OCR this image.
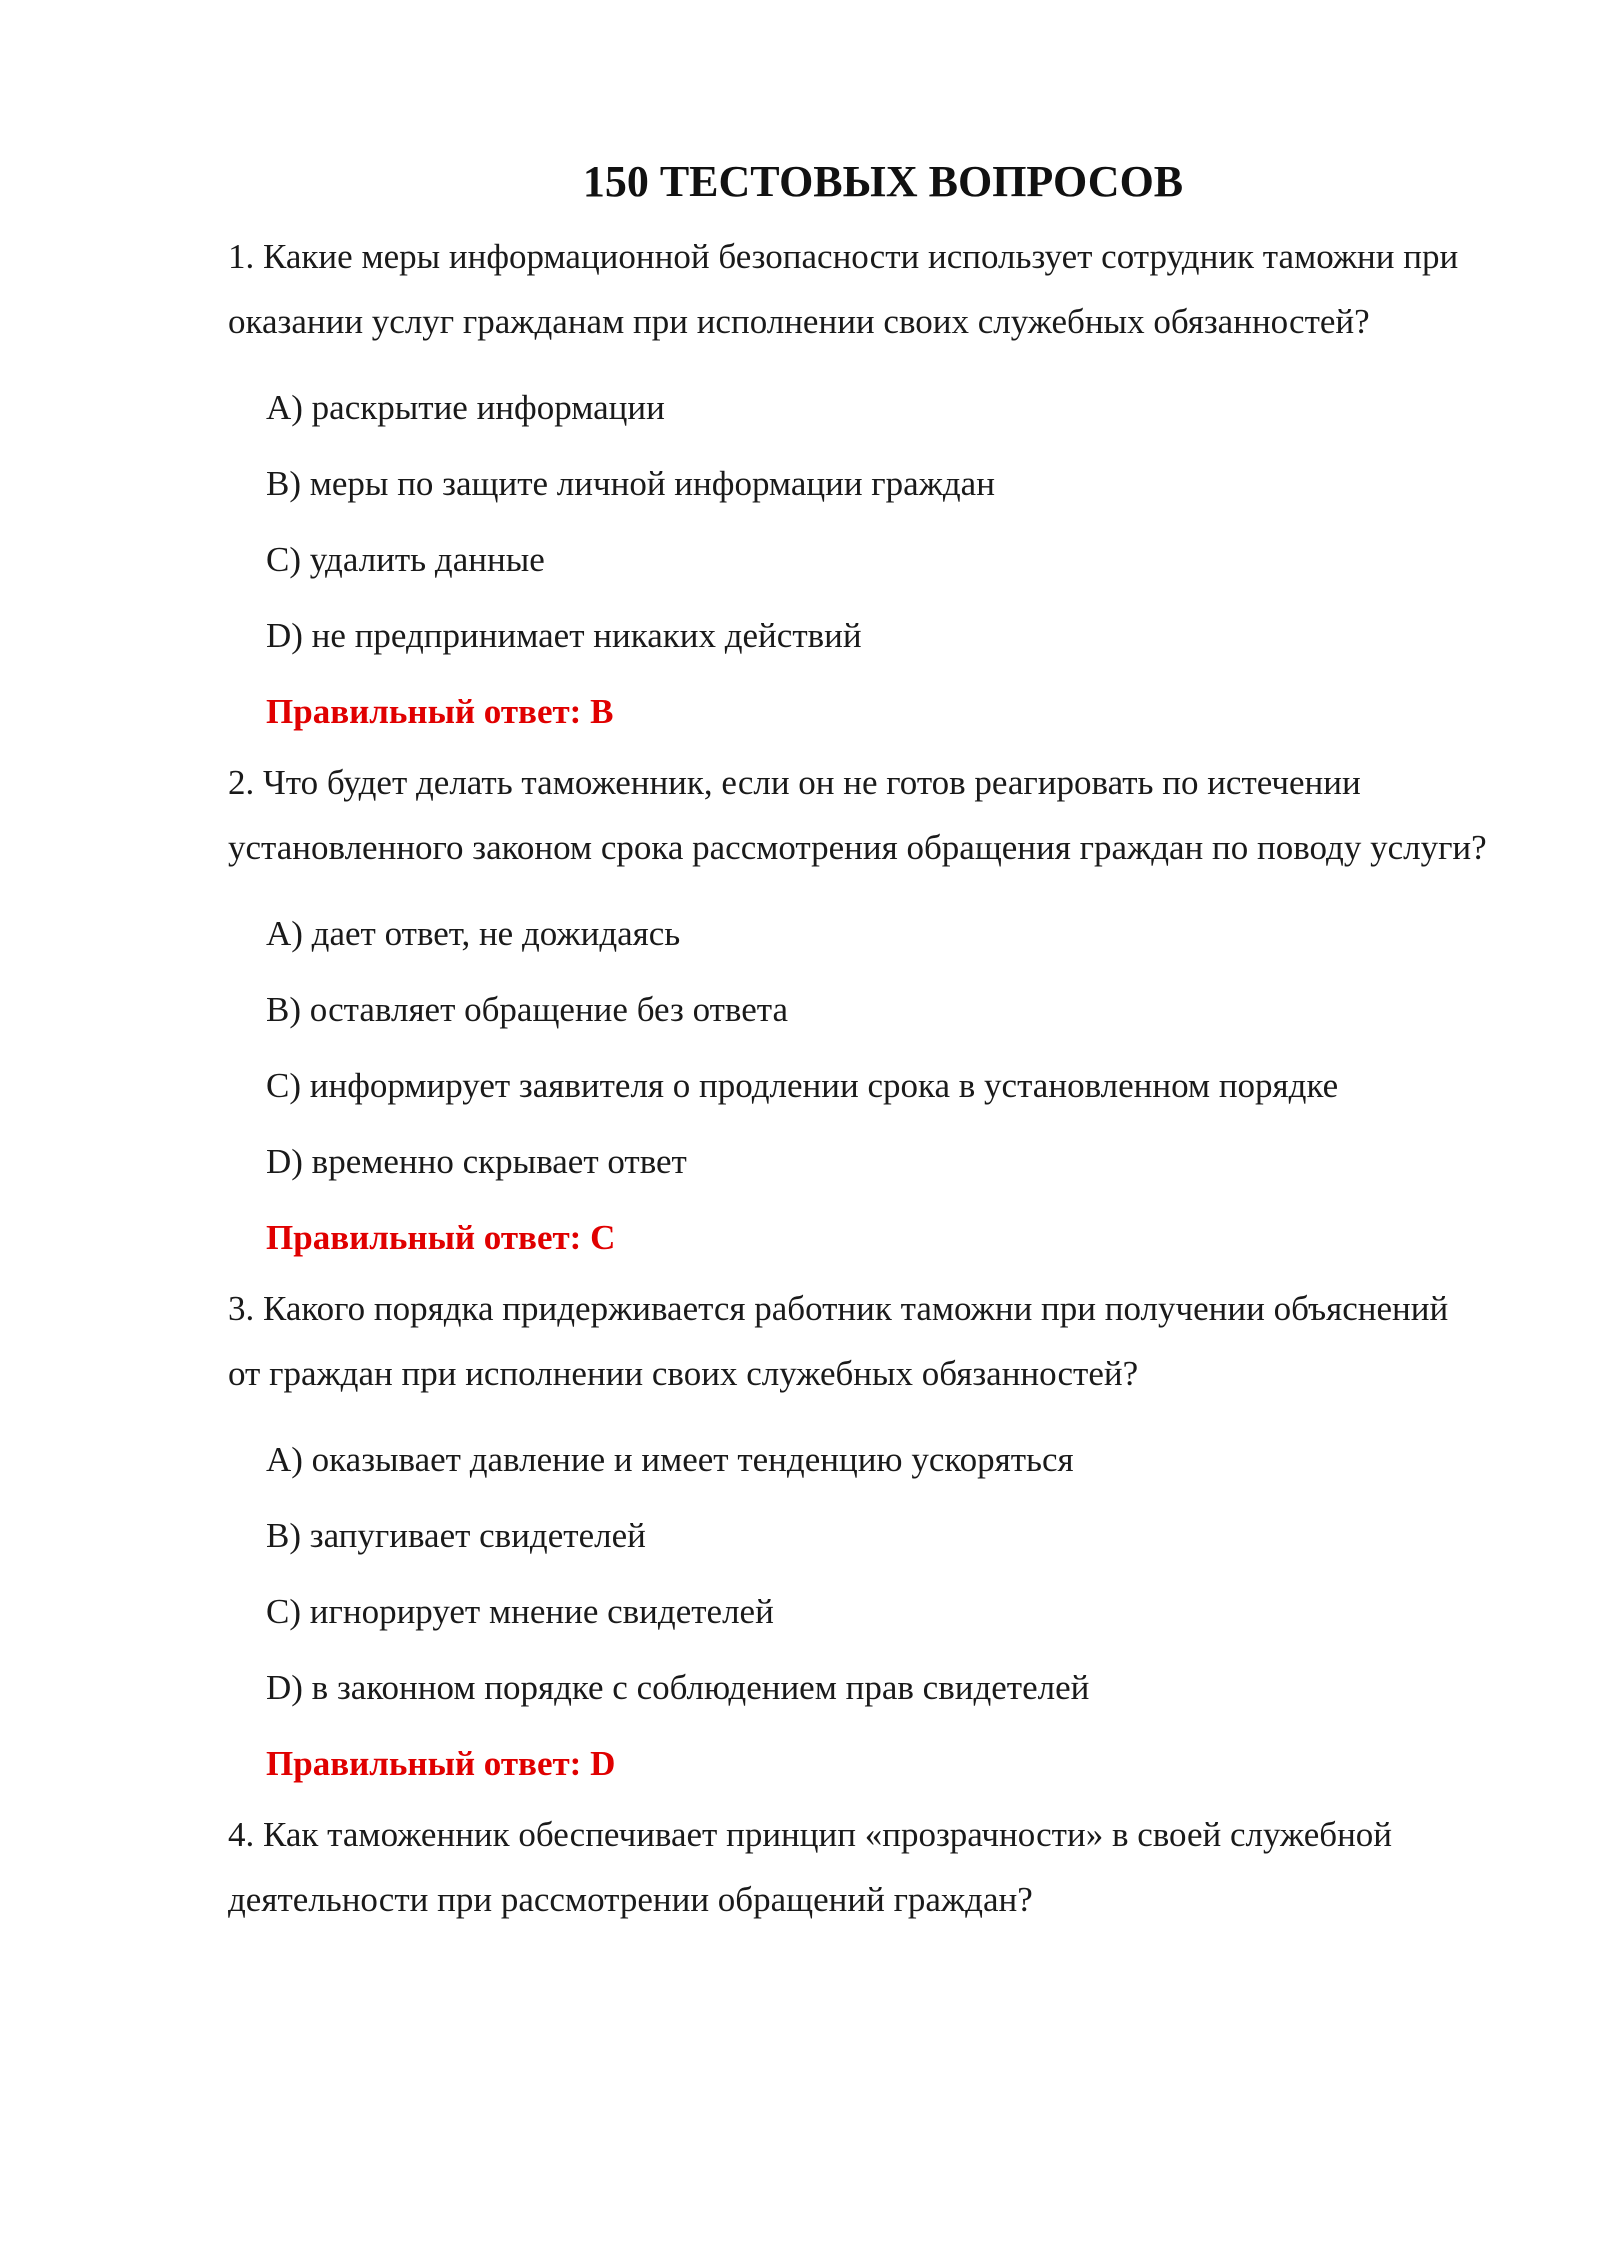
150 ТЕСТОВЫХ ВОПРОСОВ

1. Какие меры информационной безопасности использует сотрудник таможни при оказании услуг гражданам при исполнении своих служебных обязанностей?

A) раскрытие информации
B) меры по защите личной информации граждан
C) удалить данные
D) не предпринимает никаких действий

Правильный ответ: B

2. Что будет делать таможенник, если он не готов реагировать по истечении установленного законом срока рассмотрения обращения граждан по поводу услуги?

A) дает ответ, не дожидаясь
B) оставляет обращение без ответа
C) информирует заявителя о продлении срока в установленном порядке
D) временно скрывает ответ

Правильный ответ: C

3. Какого порядка придерживается работник таможни при получении объяснений от граждан при исполнении своих служебных обязанностей?

A) оказывает давление и имеет тенденцию ускоряться
B) запугивает свидетелей
C) игнорирует мнение свидетелей
D) в законном порядке с соблюдением прав свидетелей

Правильный ответ: D

4. Как таможенник обеспечивает принцип «прозрачности» в своей служебной деятельности при рассмотрении обращений граждан?
